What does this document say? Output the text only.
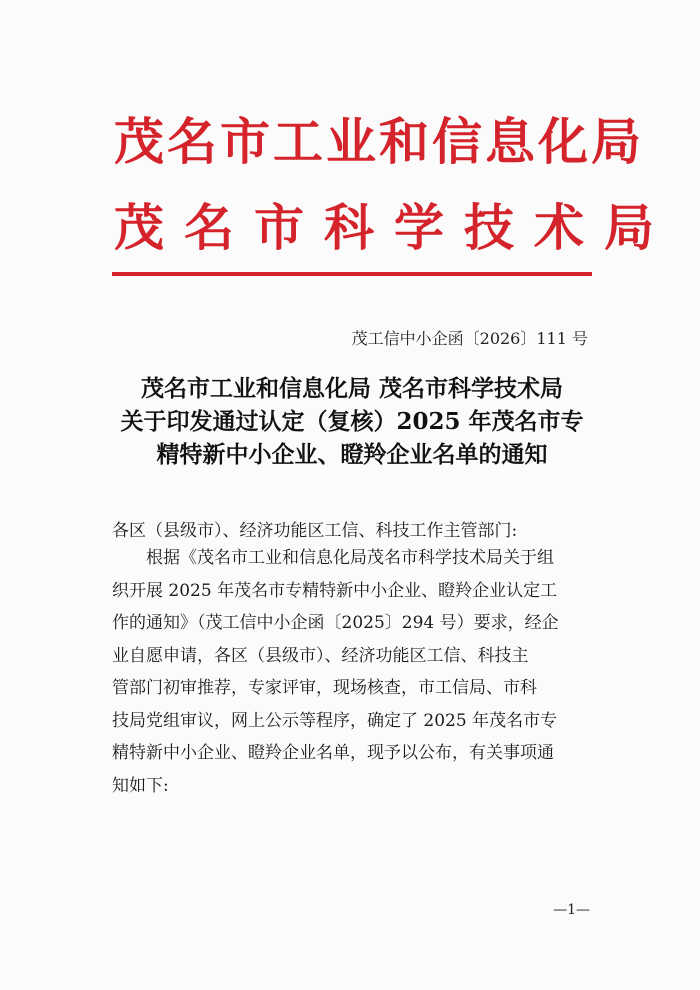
茂名市工业和信息化局
茂名市科学技术局
茂工信中小企函〔2026〕111 号
茂名市工业和信息化局 茂名市科学技术局
关于印发通过认定（复核）2025 年茂名市专
精特新中小企业、瞪羚企业名单的通知
各区（县级市）、经济功能区工信、科技工作主管部门:
根据《茂名市工业和信息化局茂名市科学技术局关于组
织开展 2025 年茂名市专精特新中小企业、瞪羚企业认定工
作的通知》（茂工信中小企函〔2025〕294 号）要求，经企
业自愿申请，各区（县级市）、经济功能区工信、科技主
管部门初审推荐，专家评审，现场核查，市工信局、市科
技局党组审议，网上公示等程序，确定了 2025 年茂名市专
精特新中小企业、瞪羚企业名单，现予以公布，有关事项通
知如下:
—1—
